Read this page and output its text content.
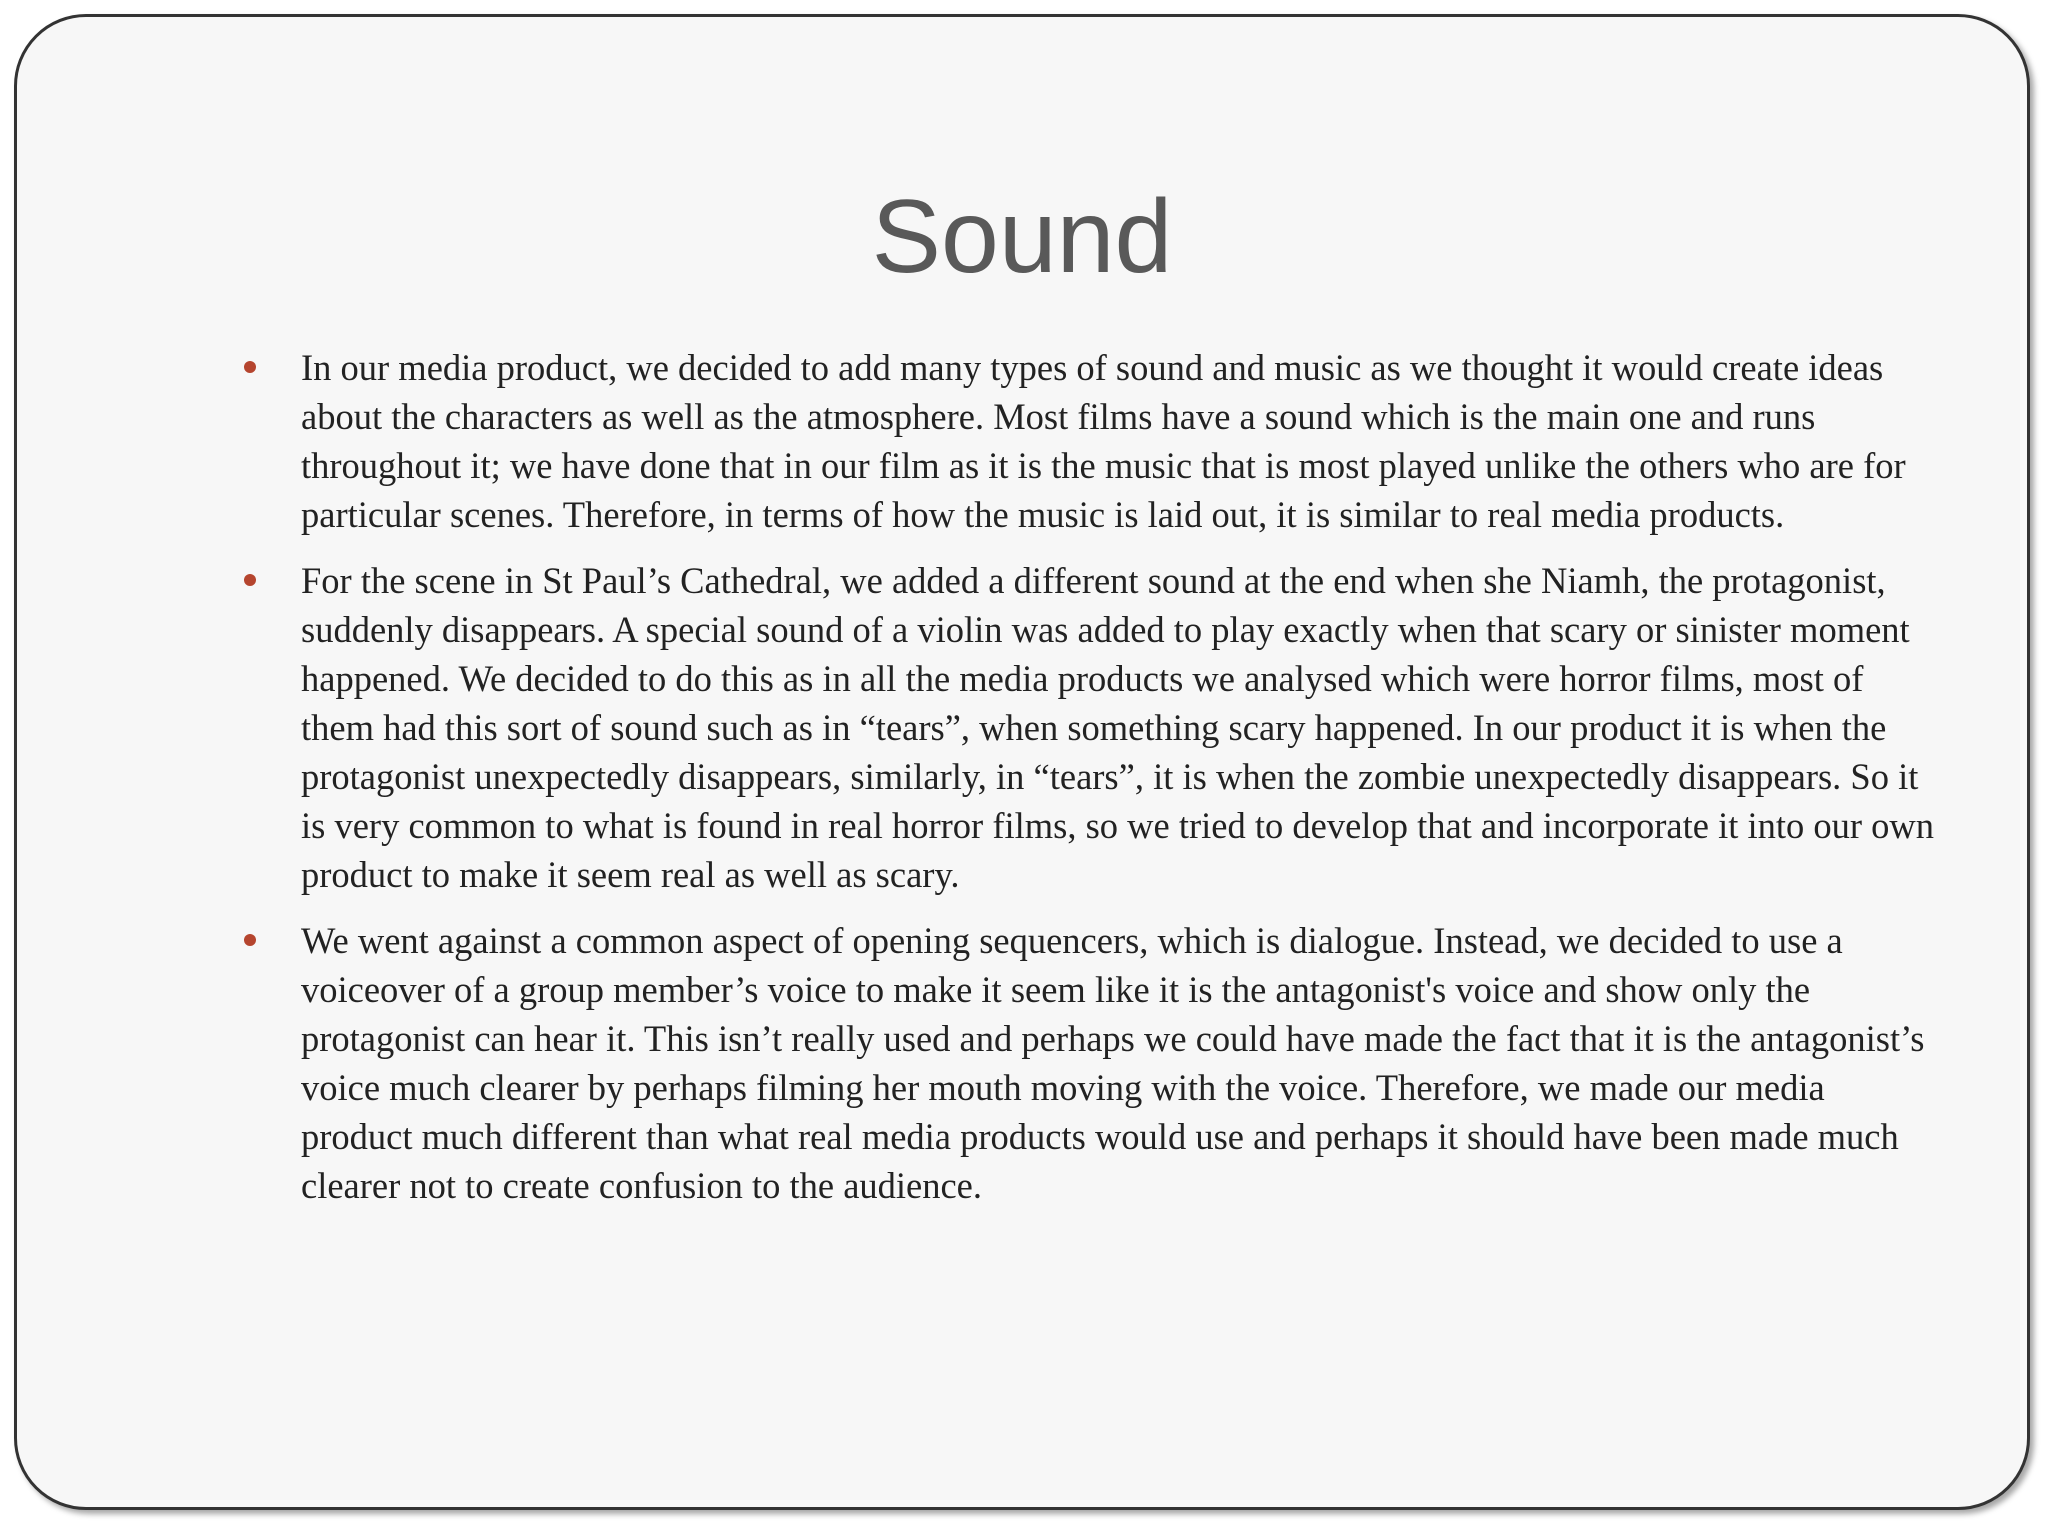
Sound
In our media product, we decided to add many types of sound and music as we thought it would create ideas about the characters as well as the atmosphere. Most films have a sound which is the main one and runs throughout it; we have done that in our film as it is the music that is most played unlike the others who are for particular scenes. Therefore, in terms of how the music is laid out, it is similar to real media products.
For the scene in St Paul’s Cathedral, we added a different sound at the end when she Niamh, the protagonist, suddenly disappears. A special sound of a violin was added to play exactly when that scary or sinister moment happened. We decided to do this as in all the media products we analysed which were horror films, most of them had this sort of sound such as in “tears”, when something scary happened. In our product it is when the protagonist unexpectedly disappears, similarly, in “tears”, it is when the zombie unexpectedly disappears. So it is very common to what is found in real horror films, so we tried to develop that and incorporate it into our own product to make it seem real as well as scary.
We went against a common aspect of opening sequencers, which is dialogue. Instead, we decided to use a voiceover of a group member’s voice to make it seem like it is the antagonist's voice and show only the protagonist can hear it. This isn’t really used and perhaps we could have made the fact that it is the antagonist’s voice much clearer by perhaps filming her mouth moving with the voice. Therefore, we made our media product much different than what real media products would use and perhaps it should have been made much clearer not to create confusion to the audience.
